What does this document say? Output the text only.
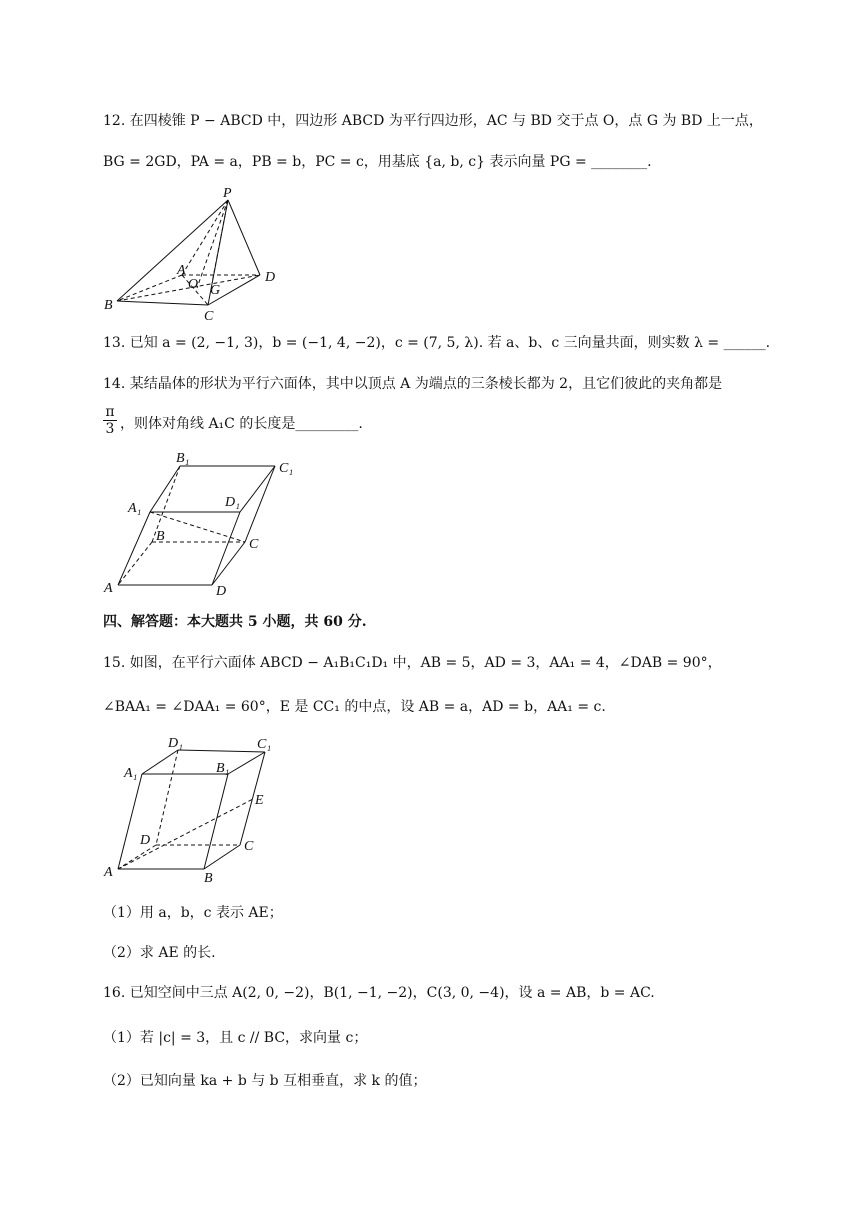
12. 在四棱锥 P − ABCD 中，四边形 ABCD 为平行四边形，AC 与 BD 交于点 O，点 G 为 BD 上一点，
BG = 2GD，PA = a，PB = b，PC = c，用基底 {a, b, c} 表示向量 PG = ________.
P
A
O G
B
C
D
13. 已知 a = (2, −1, 3)，b = (−1, 4, −2)，c = (7, 5, λ). 若 a、b、c 三向量共面，则实数 λ = ______.
14. 某结晶体的形状为平行六面体，其中以顶点 A 为端点的三条棱长都为 2，且它们彼此的夹角都是
$\frac{\pi}{3}$ ，则体对角线 A₁C 的长度是_________.
B₁
C₁
A₁	D₁
B
C
A	D
四、解答题：本大题共 5 小题，共 60 分.
15. 如图，在平行六面体 ABCD − A₁B₁C₁D₁ 中，AB = 5，AD = 3，AA₁ = 4，∠DAB = 90°，
∠BAA₁ = ∠DAA₁ = 60°，E 是 CC₁ 的中点，设 AB = a，AD = b，AA₁ = c.
D₁	C₁
A₁	B₁
E
D	C
A	B
（1）用 a，b，c 表示 AE；
（2）求 AE 的长.
16. 已知空间中三点 A(2, 0, −2)，B(1, −1, −2)，C(3, 0, −4)，设 a = AB，b = AC.
（1）若 |c| = 3，且 c // BC，求向量 c；
（2）已知向量 ka + b 与 b 互相垂直，求 k 的值；
